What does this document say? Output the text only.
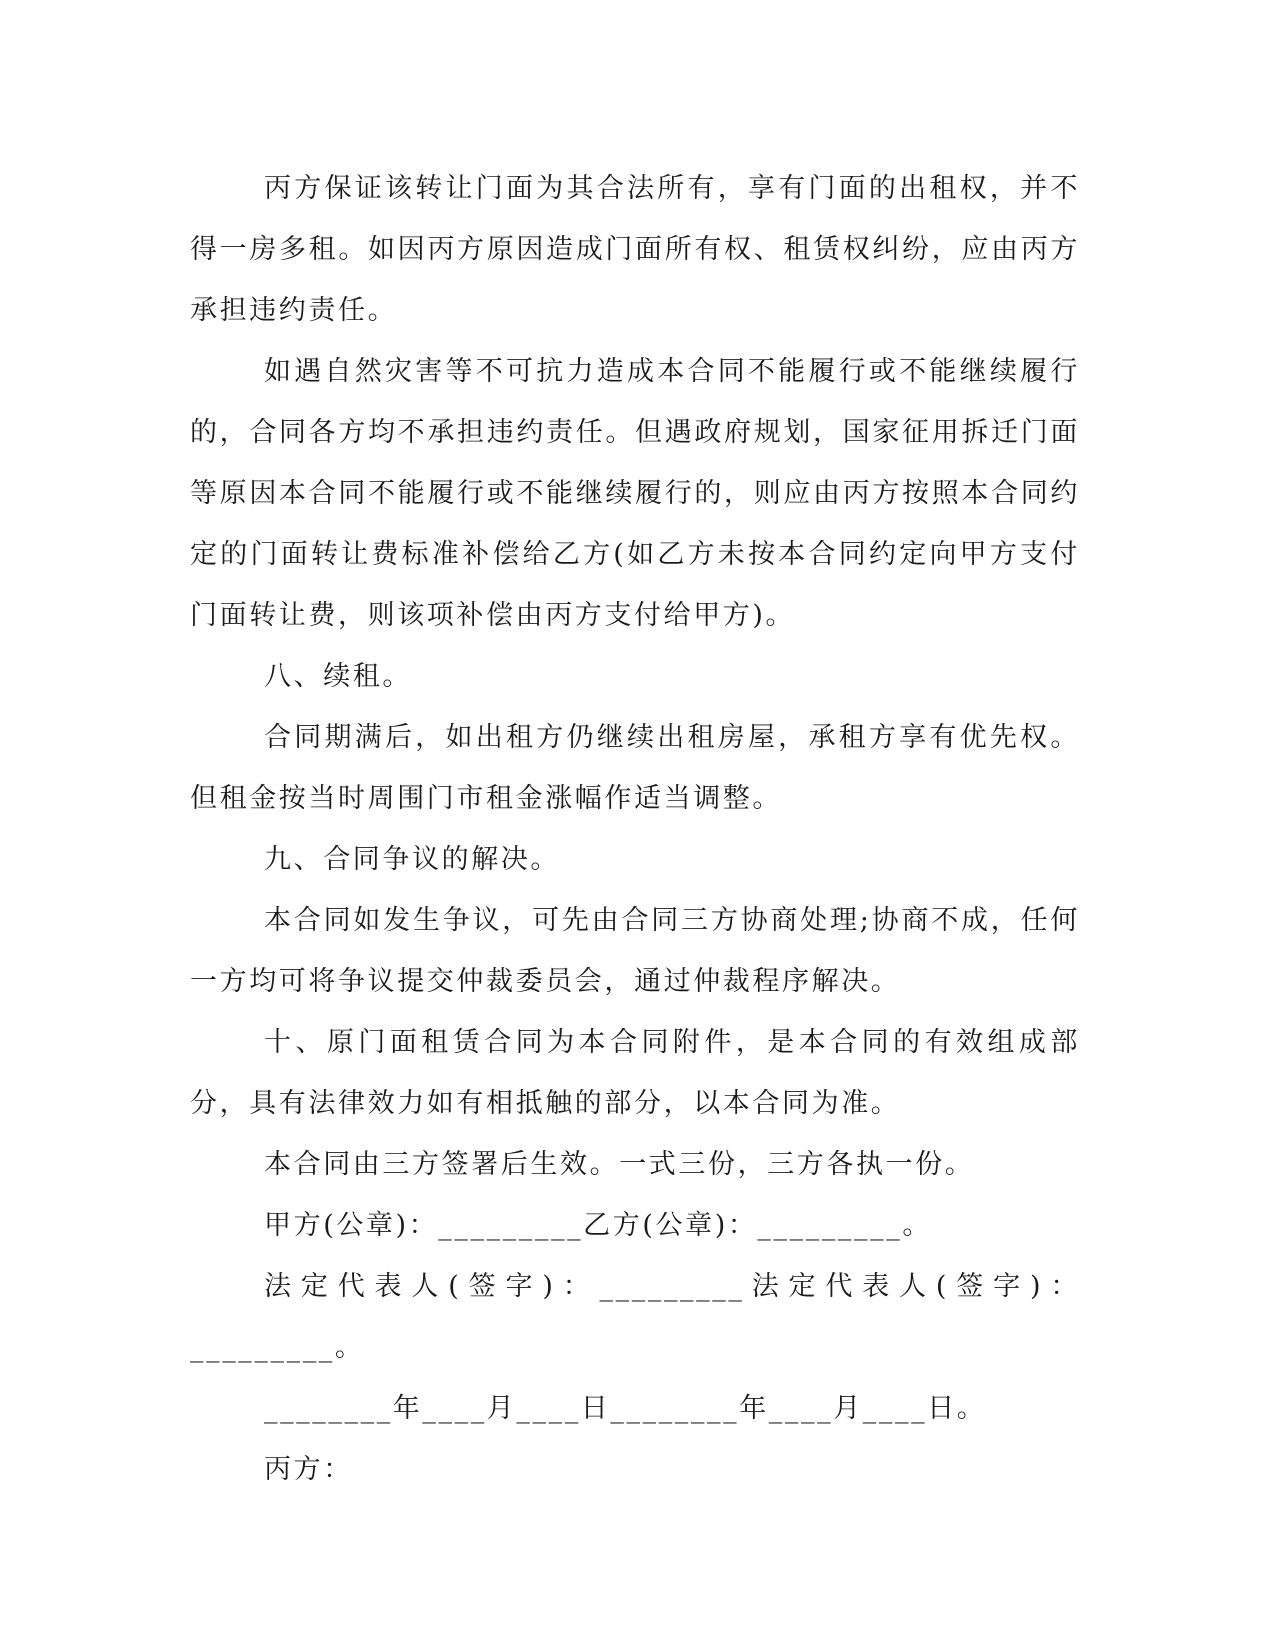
丙方保证该转让门面为其合法所有，享有门面的出租权，并不得一房多租。如因丙方原因造成门面所有权、租赁权纠纷，应由丙方承担违约责任。

如遇自然灾害等不可抗力造成本合同不能履行或不能继续履行的，合同各方均不承担违约责任。但遇政府规划，国家征用拆迁门面等原因本合同不能履行或不能继续履行的，则应由丙方按照本合同约定的门面转让费标准补偿给乙方(如乙方未按本合同约定向甲方支付门面转让费，则该项补偿由丙方支付给甲方)。

八、续租。

合同期满后，如出租方仍继续出租房屋，承租方享有优先权。但租金按当时周围门市租金涨幅作适当调整。

九、合同争议的解决。

本合同如发生争议，可先由合同三方协商处理;协商不成，任何一方均可将争议提交仲裁委员会，通过仲裁程序解决。

十、原门面租赁合同为本合同附件，是本合同的有效组成部分，具有法律效力如有相抵触的部分，以本合同为准。

本合同由三方签署后生效。一式三份，三方各执一份。

甲方(公章)：_________乙方(公章)：_________。

法定代表人(签字)：_________法定代表人(签字)：_________。

________年____月____日________年____月____日。

丙方：
